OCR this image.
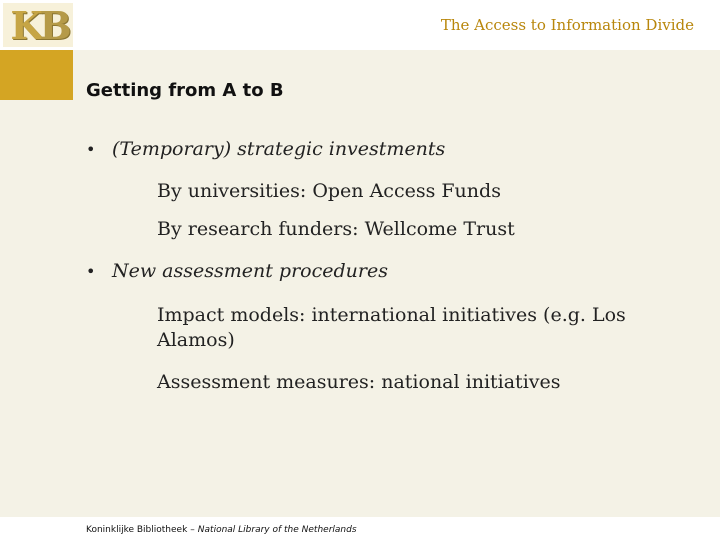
K B	The Access to Information Divide
Getting from A to B
• (Temporary) strategic investments
By universities: Open Access Funds
By research funders: Wellcome Trust
• New assessment procedures
Impact models: international initiatives (e.g. Los Alamos)
Assessment measures: national initiatives
Koninklijke Bibliotheek – National Library of the Netherlands
